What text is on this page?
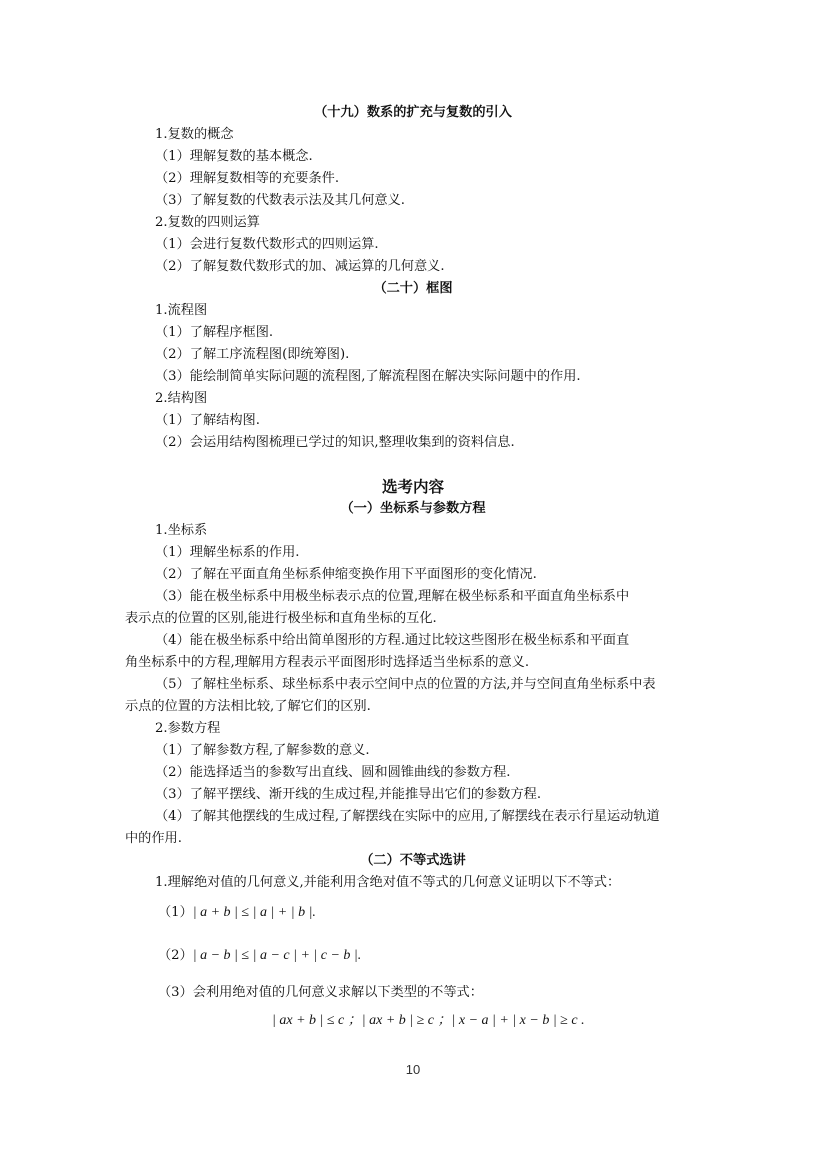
（十九）数系的扩充与复数的引入
1.复数的概念
（1）理解复数的基本概念.
（2）理解复数相等的充要条件.
（3）了解复数的代数表示法及其几何意义.
2.复数的四则运算
（1）会进行复数代数形式的四则运算.
（2）了解复数代数形式的加、减运算的几何意义.
（二十）框图
1.流程图
（1）了解程序框图.
（2）了解工序流程图(即统筹图).
（3）能绘制简单实际问题的流程图,了解流程图在解决实际问题中的作用.
2.结构图
（1）了解结构图.
（2）会运用结构图梳理已学过的知识,整理收集到的资料信息.
选考内容
（一）坐标系与参数方程
1.坐标系
（1）理解坐标系的作用.
（2）了解在平面直角坐标系伸缩变换作用下平面图形的变化情况.
（3）能在极坐标系中用极坐标表示点的位置,理解在极坐标系和平面直角坐标系中
表示点的位置的区别,能进行极坐标和直角坐标的互化.
（4）能在极坐标系中给出简单图形的方程.通过比较这些图形在极坐标系和平面直
角坐标系中的方程,理解用方程表示平面图形时选择适当坐标系的意义.
（5）了解柱坐标系、球坐标系中表示空间中点的位置的方法,并与空间直角坐标系中表
示点的位置的方法相比较,了解它们的区别.
2.参数方程
（1）了解参数方程,了解参数的意义.
（2）能选择适当的参数写出直线、圆和圆锥曲线的参数方程.
（3）了解平摆线、渐开线的生成过程,并能推导出它们的参数方程.
（4）了解其他摆线的生成过程,了解摆线在实际中的应用,了解摆线在表示行星运动轨道
中的作用.
（二）不等式选讲
1.理解绝对值的几何意义,并能利用含绝对值不等式的几何意义证明以下不等式：
（1）| a + b | ≤ | a | + | b |.
（2）| a − b | ≤ | a − c | + | c − b |.
（3）会利用绝对值的几何意义求解以下类型的不等式：
| ax + b | ≤ c ；| ax + b | ≥ c ；| x − a | + | x − b | ≥ c .
10
